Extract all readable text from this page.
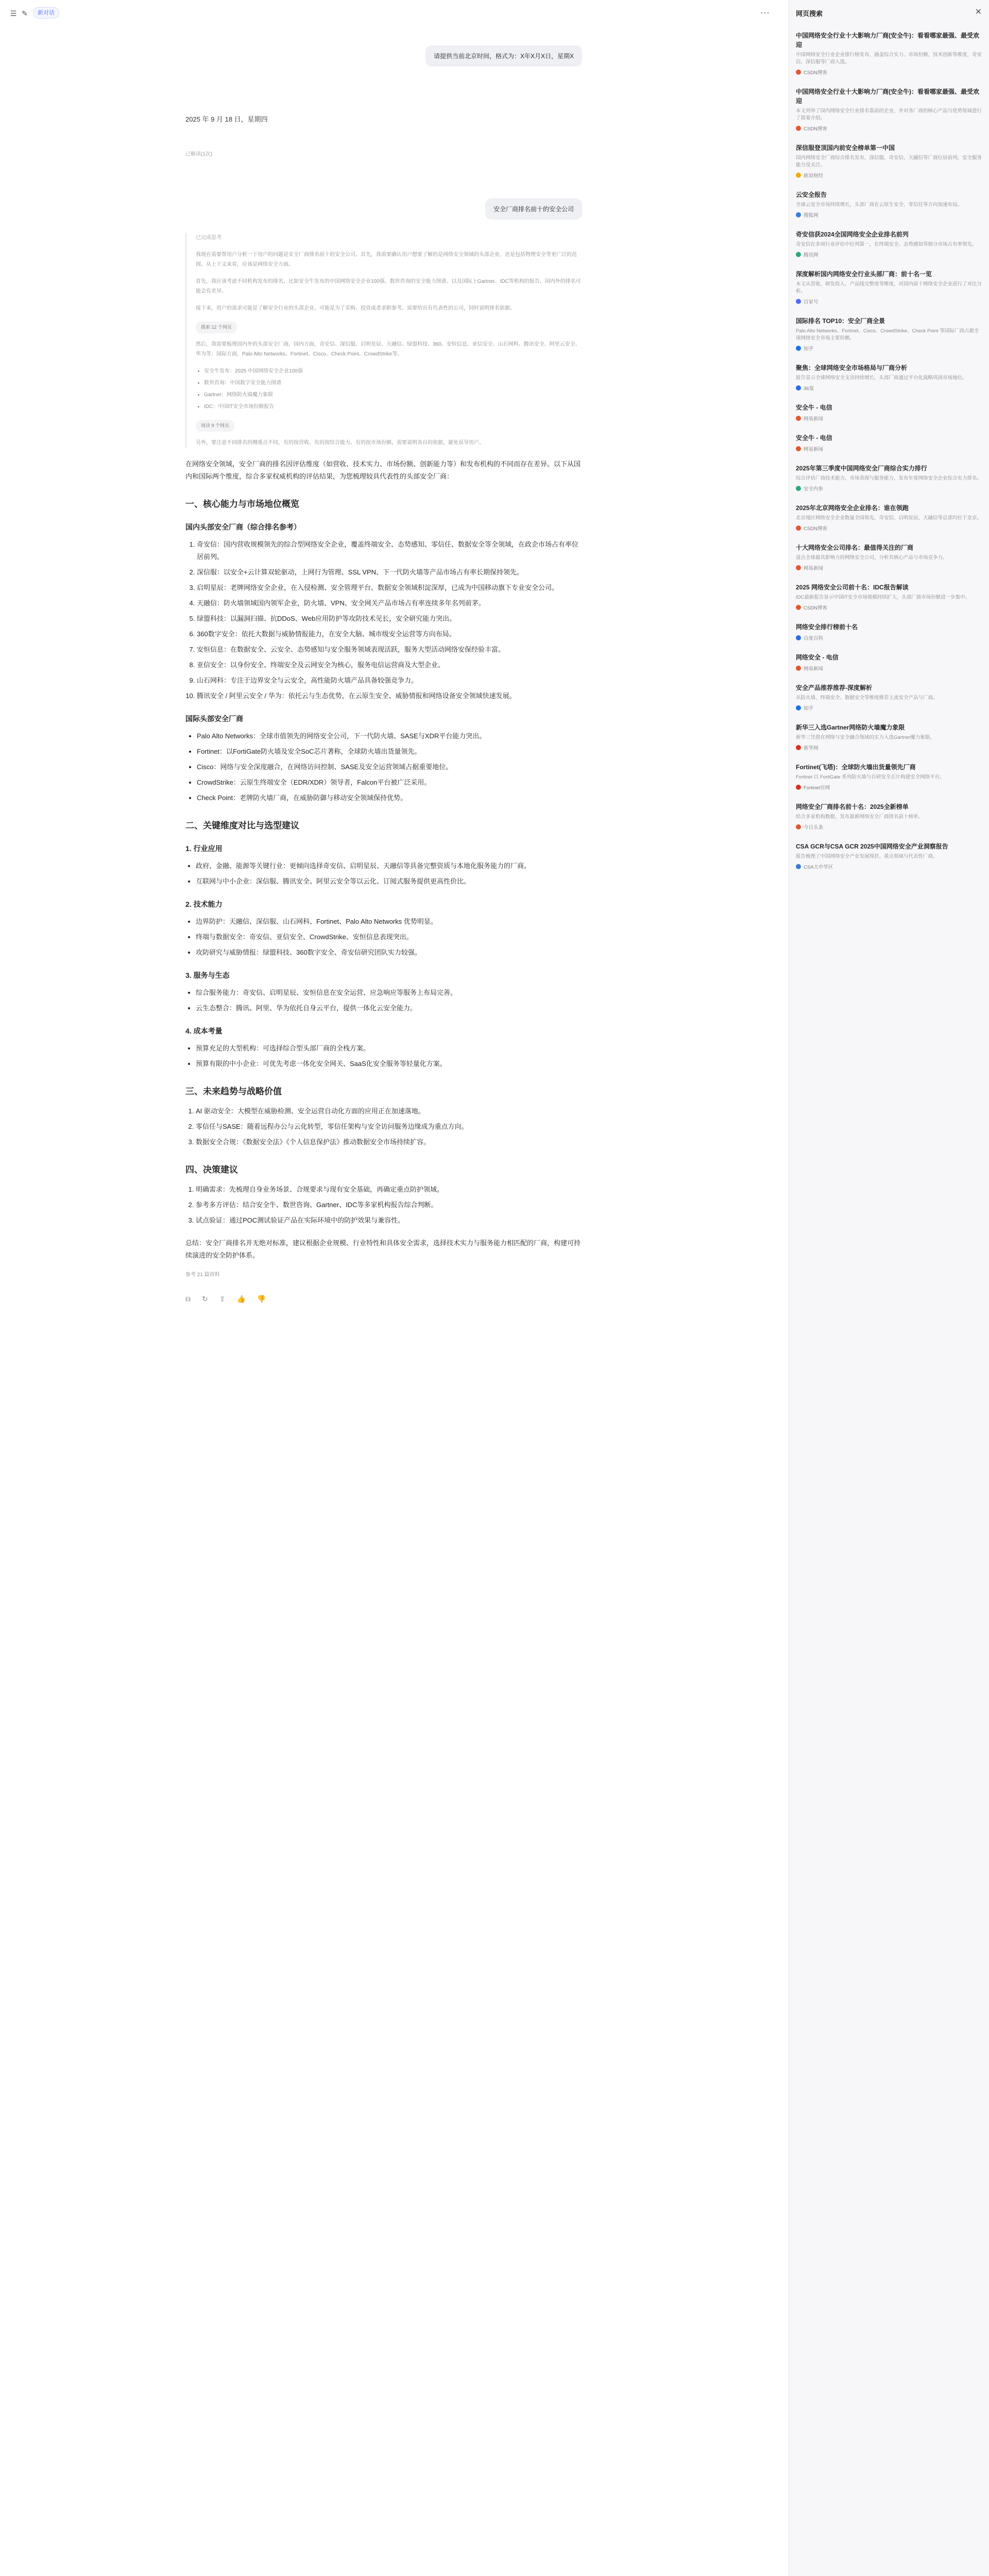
☰ ✎	新对话	···
请提供当前北京时间，格式为：X年X月X日，星期X
2025 年 9 月 18 日，星期四
已解读(1次)
安全厂商排名前十的安全公司
已完成思考

我现在需要帮用户分析一下用户的问题是安全厂商排名前十的安全公司。首先，我需要确认用户想要了解的是网络安全领域的头部企业，还是包括物理安全等更广泛的范围。从上下文来看，应该是网络安全方面。

首先，我应该考虑不同机构发布的排名，比如安全牛发布的中国网络安全企业100强、数世咨询的安全能力图谱、以及国际上Gartner、IDC等机构的报告。国内外的排名可能会有差异。

接下来，用户的需求可能是了解安全行业的头部企业，可能是为了采购、投资或者求职参考。需要给出有代表性的公司，同时说明排名依据。

搜索 12 个网页

然后，我需要梳理国内外的头部安全厂商。国内方面，奇安信、深信服、启明星辰、天融信、绿盟科技、360、安恒信息、亚信安全、山石网科、腾讯安全、阿里云安全、华为等；国际方面，Palo Alto Networks、Fortinet、Cisco、Check Point、CrowdStrike等。

• 安全牛发布：2025 中国网络安全企业100强
• 数世咨询：中国数字安全能力图谱
• Gartner：网络防火墙魔力象限
• IDC：中国IT安全市场份额报告
阅读 9 个网页

另外，要注意不同排名的侧重点不同，有的按营收、有的按综合能力、有的按市场份额，需要说明各自的依据，避免误导用户。

在网络安全领域，安全厂商的排名因评估维度（如营收、技术实力、市场份额、创新能力等）和发布机构的不同而存在差异。以下从国内和国际两个维度，综合多家权威机构的评估结果，为您梳理较具代表性的头部安全厂商：

一、核心能力与市场地位概览
国内头部安全厂商（综合排名参考）
1. 奇安信：国内营收规模领先的综合型网络安全企业，覆盖终端安全、态势感知、零信任、数据安全等全领域，在政企市场占有率位居前列。
2. 深信服：以安全+云计算双轮驱动，上网行为管理、SSL VPN、下一代防火墙等产品市场占有率长期保持领先。
3. 启明星辰：老牌网络安全企业，在入侵检测、安全管理平台、数据安全领域积淀深厚，已成为中国移动旗下专业安全公司。
4. 天融信：防火墙领域国内领军企业，防火墙、VPN、安全网关产品市场占有率连续多年名列前茅。
5. 绿盟科技：以漏洞扫描、抗DDoS、Web应用防护等攻防技术见长，安全研究能力突出。
6. 360数字安全：依托大数据与威胁情报能力，在安全大脑、城市级安全运营等方向布局。
7. 安恒信息：在数据安全、云安全、态势感知与安全服务领域表现活跃，服务大型活动网络安保经验丰富。
8. 亚信安全：以身份安全、终端安全及云网安全为核心，服务电信运营商及大型企业。
9. 山石网科：专注于边界安全与云安全，高性能防火墙产品具备较强竞争力。
10. 腾讯安全 / 阿里云安全 / 华为：依托云与生态优势，在云原生安全、威胁情报和网络设备安全领域快速发展。
国际头部安全厂商
• Palo Alto Networks：全球市值领先的网络安全公司，下一代防火墙、SASE与XDR平台能力突出。
• Fortinet：以FortiGate防火墙及安全SoC芯片著称，全球防火墙出货量领先。
• Cisco：网络与安全深度融合，在网络访问控制、SASE及安全运营领域占据重要地位。
• CrowdStrike：云原生终端安全（EDR/XDR）领导者，Falcon平台被广泛采用。
• Check Point：老牌防火墙厂商，在威胁防御与移动安全领域保持优势。
二、关键维度对比与选型建议
1. 行业应用
• 政府、金融、能源等关键行业：更倾向选择奇安信、启明星辰、天融信等具备完整资质与本地化服务能力的厂商。
• 互联网与中小企业：深信服、腾讯安全、阿里云安全等以云化、订阅式服务提供更高性价比。
2. 技术能力
• 边界防护：天融信、深信服、山石网科、Fortinet、Palo Alto Networks 优势明显。
• 终端与数据安全：奇安信、亚信安全、CrowdStrike、安恒信息表现突出。
• 攻防研究与威胁情报：绿盟科技、360数字安全、奇安信研究团队实力较强。
3. 服务与生态
• 综合服务能力：奇安信、启明星辰、安恒信息在安全运营、应急响应等服务上布局完善。
• 云生态整合：腾讯、阿里、华为依托自身云平台，提供一体化云安全能力。
4. 成本考量
• 预算充足的大型机构：可选择综合型头部厂商的全栈方案。
• 预算有限的中小企业：可优先考虑一体化安全网关、SaaS化安全服务等轻量化方案。
三、未来趋势与战略价值
1. AI 驱动安全：大模型在威胁检测、安全运营自动化方面的应用正在加速落地。
2. 零信任与SASE：随着远程办公与云化转型，零信任架构与安全访问服务边缘成为重点方向。
3. 数据安全合规：《数据安全法》《个人信息保护法》推动数据安全市场持续扩容。
四、决策建议
1. 明确需求：先梳理自身业务场景、合规要求与现有安全基础，再确定重点防护领域。
2. 参考多方评估：结合安全牛、数世咨询、Gartner、IDC等多家机构报告综合判断。
3. 试点验证：通过POC测试验证产品在实际环境中的防护效果与兼容性。

总结：安全厂商排名并无绝对标准，建议根据企业规模、行业特性和具体安全需求，选择技术实力与服务能力相匹配的厂商，构建可持续演进的安全防护体系。

参考 21 篇资料
⧉ ↻ ⇪ 👍 👎
网页搜索	✕
中国网络安全行业十大影响力厂商(安全牛)：看看哪家最强、最受欢迎
中国网络安全行业企业排行榜发布，涵盖综合实力、市场份额、技术创新等维度，奇安信、深信服等厂商入选。
CSDN博客
中国网络安全行业十大影响力厂商(安全牛)：看看哪家最强、最受欢迎
本文列举了国内网络安全行业排名靠前的企业，并对各厂商的核心产品与优势领域进行了简要介绍。
CSDN博客
深信服登顶国内前安全榜单第一中国
国内网络安全厂商综合排名发布，深信服、奇安信、天融信等厂商位居前列，安全服务能力受关注。
新浪财经
云安全报告
全球云安全市场持续增长，头部厂商在云原生安全、零信任等方向加速布局。
搜狐网
奇安信获2024全国网络安全企业排名前列
奇安信在多项行业评估中位列第一，在终端安全、态势感知等细分市场占有率领先。
腾讯网
深度解析国内网络安全行业头部厂商：前十名一览
本文从营收、研发投入、产品线完整度等维度，对国内前十网络安全企业进行了对比分析。
百家号
国际排名 TOP10：安全厂商全景
Palo Alto Networks、Fortinet、Cisco、CrowdStrike、Check Point 等国际厂商占据全球网络安全市场主要份额。
知乎
聚焦：全球网络安全市场格局与厂商分析
报告显示全球网络安全支出持续增长，头部厂商通过平台化战略巩固市场地位。
36氪
安全牛 - 电信
网易新闻
安全牛 - 电信
网易新闻
2025年第三季度中国网络安全厂商综合实力排行
综合评估厂商技术能力、市场表现与服务能力，发布年度网络安全企业综合实力排名。
安全内参
2025年北京网络安全企业排名：谁在领跑
北京地区网络安全企业数量全国领先，奇安信、启明星辰、天融信等总部均位于北京。
CSDN博客
十大网络安全公司排名：最值得关注的厂商
盘点全球最具影响力的网络安全公司，分析其核心产品与市场竞争力。
网易新闻
2025 网络安全公司前十名：IDC报告解读
IDC最新报告显示中国IT安全市场规模持续扩大，头部厂商市场份额进一步集中。
CSDN博客
网络安全排行榜前十名
百度百科
网络安全 - 电信
网易新闻
安全产品推荐推荐-深度解析
从防火墙、终端安全、数据安全等维度推荐主流安全产品与厂商。
知乎
新华三入选Gartner网络防火墙魔力象限
新华三凭借在网络与安全融合领域的实力入选Gartner魔力象限。
新华网
Fortinet(飞塔)：全球防火墙出货量领先厂商
Fortinet 以 FortiGate 系列防火墙与自研安全芯片构建安全网络平台。
Fortinet官网
网络安全厂商排名前十名：2025全新榜单
结合多家机构数据，发布最新网络安全厂商排名前十榜单。
今日头条
CSA GCR与CSA GCR 2025中国网络安全产业洞察报告
报告梳理了中国网络安全产业发展现状、重点领域与代表性厂商。
CSA大中华区
